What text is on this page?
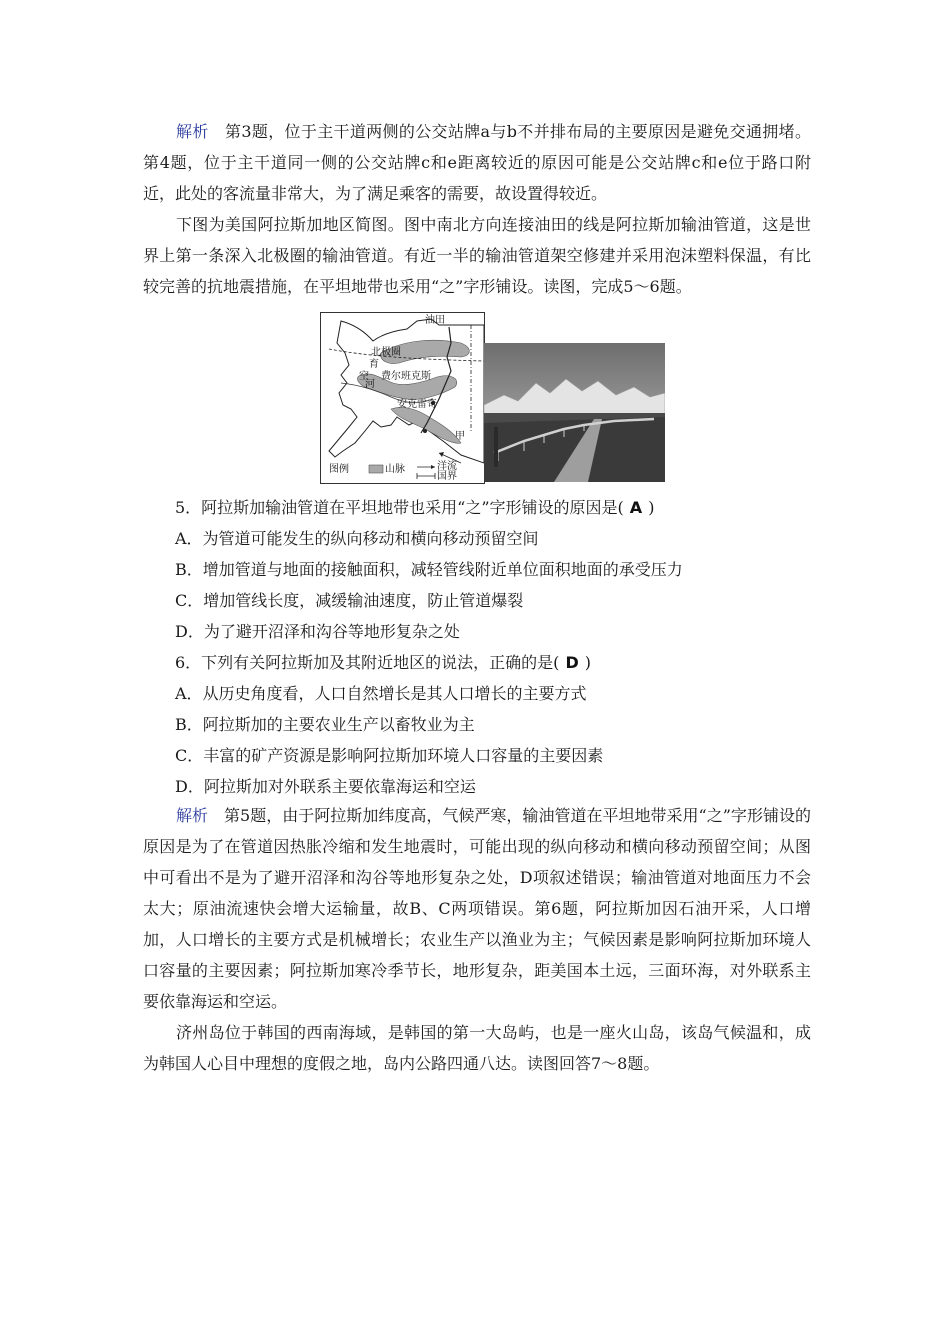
解析　 第3题，位于主干道两侧的公交站牌a与b不并排布局的主要原因是避免交通拥堵。第4题，位于主干道同一侧的公交站牌c和e距离较近的原因可能是公交站牌c和e位于路口附近，此处的客流量非常大，为了满足乘客的需要，故设置得较近。

下图为美国阿拉斯加地区简图。图中南北方向连接油田的线是阿拉斯加输油管道，这是世界上第一条深入北极圈的输油管道。有近一半的输油管道架空修建并采用泡沫塑料保温，有比较完善的抗地震措施，在平坦地带也采用“之”字形铺设。读图，完成5～6题。

油田
北极圈
育
空
河
费尔班克斯
安克雷奇
甲
图例	山脉	洋流
国界

5．阿拉斯加输油管道在平坦地带也采用“之”字形铺设的原因是( A )

A．为管道可能发生的纵向移动和横向移动预留空间

B．增加管道与地面的接触面积，减轻管线附近单位面积地面的承受压力

C．增加管线长度，减缓输油速度，防止管道爆裂

D．为了避开沼泽和沟谷等地形复杂之处

6．下列有关阿拉斯加及其附近地区的说法，正确的是( D )

A．从历史角度看，人口自然增长是其人口增长的主要方式

B．阿拉斯加的主要农业生产以畜牧业为主

C．丰富的矿产资源是影响阿拉斯加环境人口容量的主要因素

D．阿拉斯加对外联系主要依靠海运和空运

解析　 第5题，由于阿拉斯加纬度高，气候严寒，输油管道在平坦地带采用“之”字形铺设的原因是为了在管道因热胀冷缩和发生地震时，可能出现的纵向移动和横向移动预留空间；从图中可看出不是为了避开沼泽和沟谷等地形复杂之处，D项叙述错误；输油管道对地面压力不会太大；原油流速快会增大运输量，故B、C两项错误。第6题，阿拉斯加因石油开采，人口增加，人口增长的主要方式是机械增长；农业生产以渔业为主；气候因素是影响阿拉斯加环境人口容量的主要因素；阿拉斯加寒冷季节长，地形复杂，距美国本土远，三面环海，对外联系主要依靠海运和空运。

济州岛位于韩国的西南海域，是韩国的第一大岛屿，也是一座火山岛，该岛气候温和，成为韩国人心目中理想的度假之地，岛内公路四通八达。读图回答7～8题。
